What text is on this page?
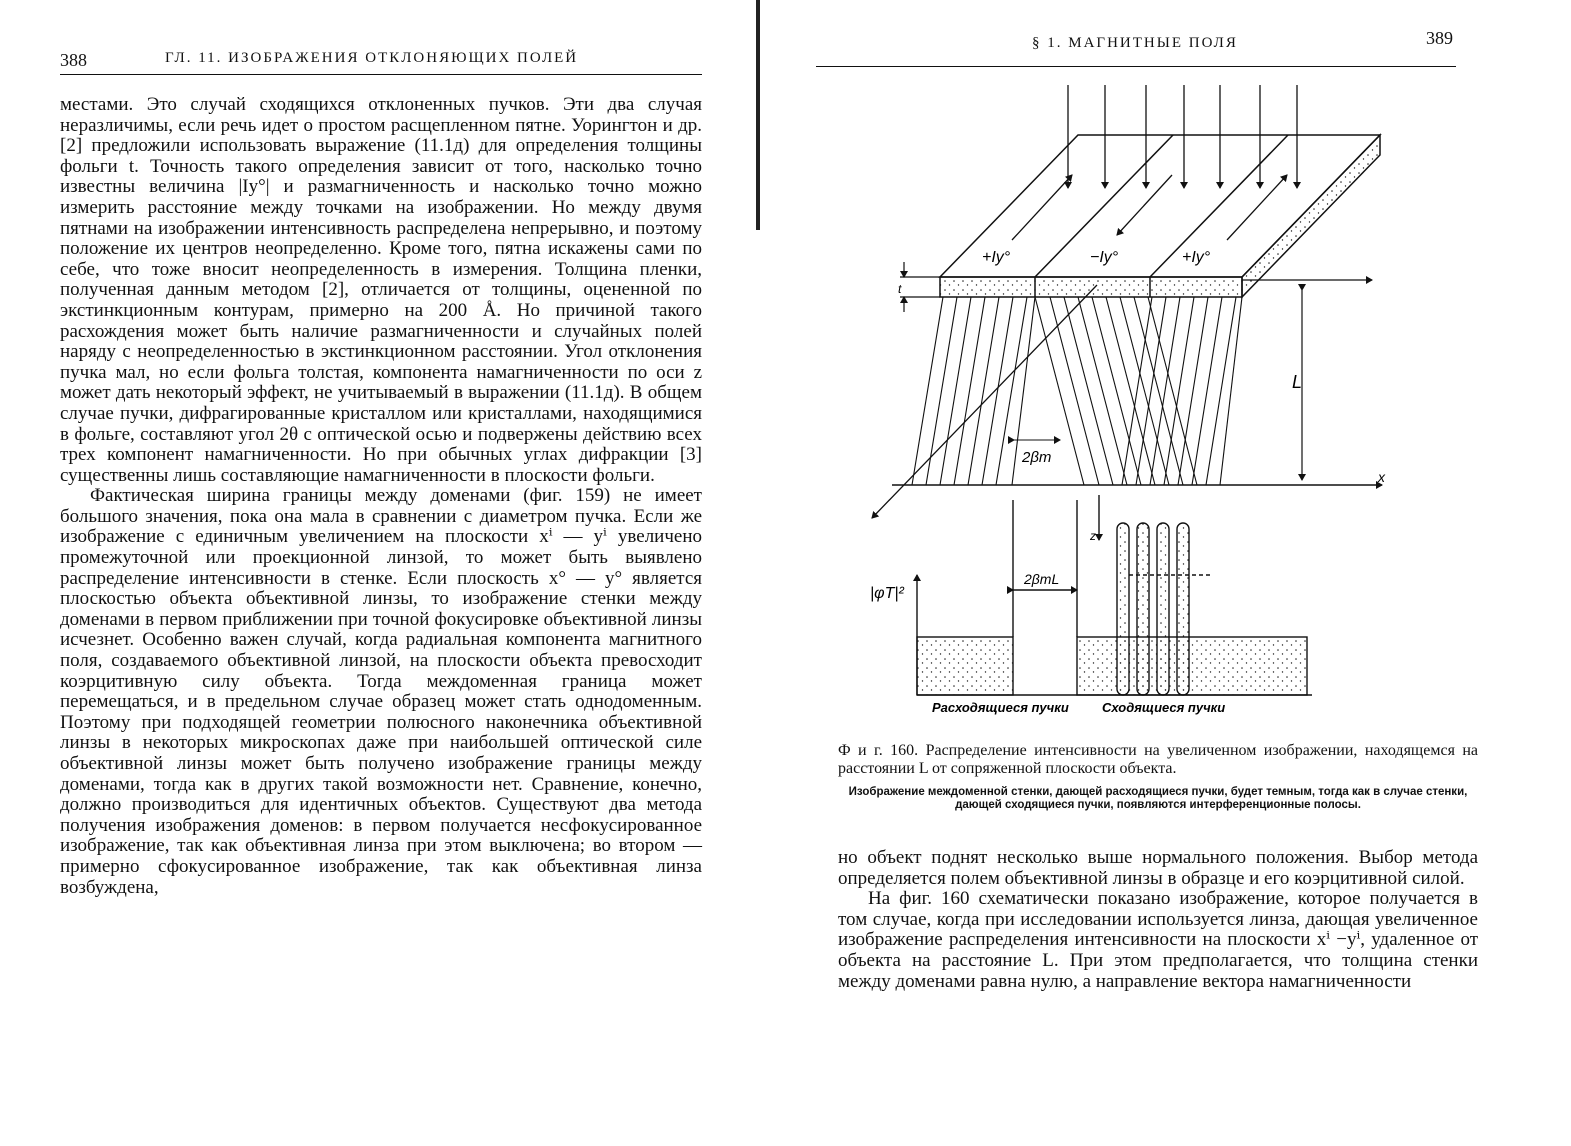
388	ГЛ. 11. ИЗОБРАЖЕНИЯ ОТКЛОНЯЮЩИХ ПОЛЕЙ

местами. Это случай сходящихся отклоненных пучков. Эти два случая неразличимы, если речь идет о простом расщепленном пятне. Уорингтон и др. [2] предложили использовать выражение (11.1д) для определения толщины фольги t. Точность такого определения зависит от того, насколько точно известны величина |Iy°| и размагниченность и насколько точно можно измерить расстояние между точками на изображении. Но между двумя пятнами на изображении интенсивность распределена непрерывно, и поэтому положение их центров неопределенно. Кроме того, пятна искажены сами по себе, что тоже вносит неопределенность в измерения. Толщина пленки, полученная данным методом [2], отличается от толщины, оцененной по экстинкционным контурам, примерно на 200 Å. Но причиной такого расхождения может быть наличие размагниченности и случайных полей наряду с неопределенностью в экстинкционном расстоянии. Угол отклонения пучка мал, но если фольга толстая, компонента намагниченности по оси z может дать некоторый эффект, не учитываемый в выражении (11.1д). В общем случае пучки, дифрагированные кристаллом или кристаллами, находящимися в фольге, составляют угол 2θ с оптической осью и подвержены действию всех трех компонент намагниченности. Но при обычных углах дифракции [3] существенны лишь составляющие намагниченности в плоскости фольги.

Фактическая ширина границы между доменами (фиг. 159) не имеет большого значения, пока она мала в сравнении с диаметром пучка. Если же изображение с единичным увеличением на плоскости xⁱ — yⁱ увеличено промежуточной или проекционной линзой, то может быть выявлено распределение интенсивности в стенке. Если плоскость x° — y° является плоскостью объекта объективной линзы, то изображение стенки между доменами в первом приближении при точной фокусировке объективной линзы исчезнет. Особенно важен случай, когда радиальная компонента магнитного поля, создаваемого объективной линзой, на плоскости объекта превосходит коэрцитивную силу объекта. Тогда междоменная граница может перемещаться, и в предельном случае образец может стать однодоменным. Поэтому при подходящей геометрии полюсного наконечника объективной линзы в некоторых микроскопах даже при наибольшей оптической силе объективной линзы может быть получено изображение границы между доменами, тогда как в других такой возможности нет. Сравнение, конечно, должно производиться для идентичных объектов. Существуют два метода получения изображения доменов: в первом получается несфокусированное изображение, так как объективная линза при этом выключена; во втором — примерно сфокусированное изображение, так как объективная линза возбуждена,

§ 1. МАГНИТНЫЕ ПОЛЯ	389
+Iy°	−Iy°	+Iy°
t
L
x
2βm
2βmL
z
|φT|²
Расходящиеся пучки	Сходящиеся пучки
Ф и г. 160. Распределение интенсивности на увеличенном изображении, находящемся на расстоянии L от сопряженной плоскости объекта.
Изображение междоменной стенки, дающей расходящиеся пучки, будет темным, тогда как в случае стенки, дающей сходящиеся пучки, появляются интерференционные полосы.

но объект поднят несколько выше нормального положения. Выбор метода определяется полем объективной линзы в образце и его коэрцитивной силой.

На фиг. 160 схематически показано изображение, которое получается в том случае, когда при исследовании используется линза, дающая увеличенное изображение распределения интенсивности на плоскости xⁱ −yⁱ, удаленное от объекта на расстояние L. При этом предполагается, что толщина стенки между доменами равна нулю, а направление вектора намагниченности
